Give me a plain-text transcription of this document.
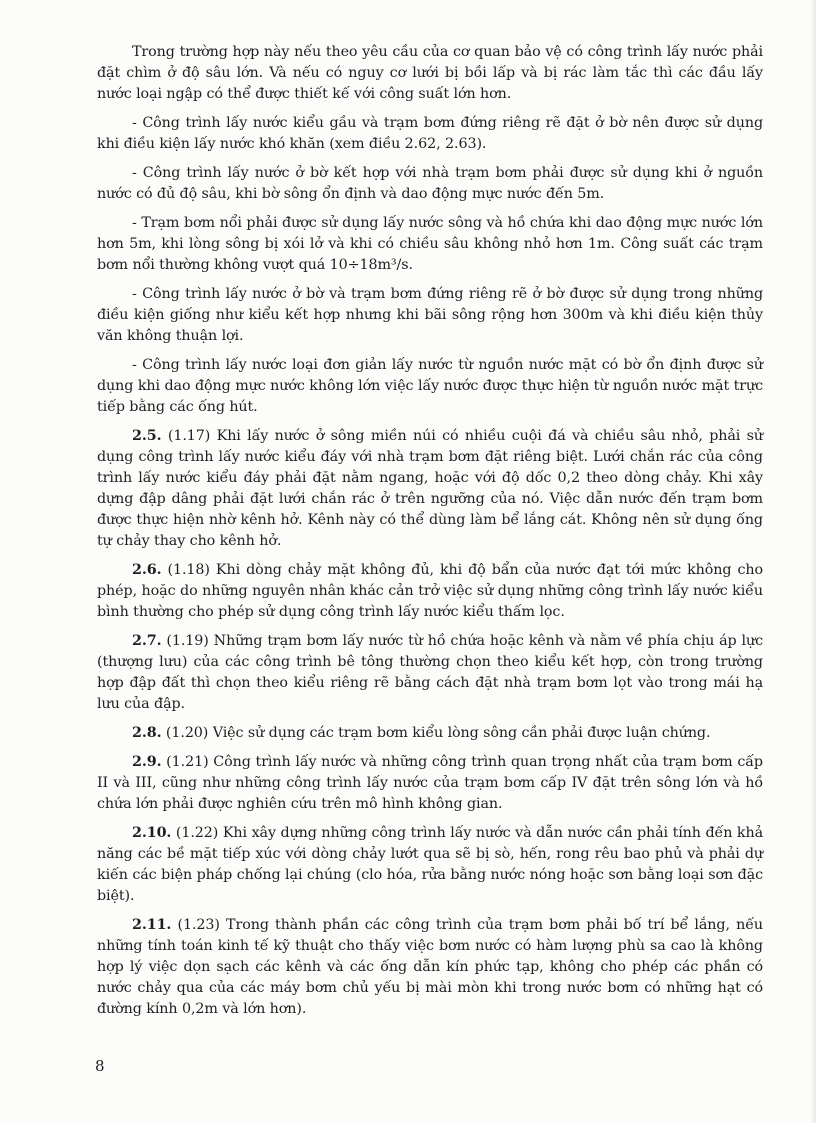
Trong trường hợp này nếu theo yêu cầu của cơ quan bảo vệ có công trình lấy nước phải đặt chìm ở độ sâu lớn. Và nếu có nguy cơ lưới bị bồi lấp và bị rác làm tắc thì các đầu lấy nước loại ngập có thể được thiết kế với công suất lớn hơn.

- Công trình lấy nước kiểu gầu và trạm bơm đứng riêng rẽ đặt ở bờ nên được sử dụng khi điều kiện lấy nước khó khăn (xem điều 2.62, 2.63).

- Công trình lấy nước ở bờ kết hợp với nhà trạm bơm phải được sử dụng khi ở nguồn nước có đủ độ sâu, khi bờ sông ổn định và dao động mực nước đến 5m.

- Trạm bơm nổi phải được sử dụng lấy nước sông và hồ chứa khi dao động mực nước lớn hơn 5m, khi lòng sông bị xói lở và khi có chiều sâu không nhỏ hơn 1m. Công suất các trạm bơm nổi thường không vượt quá 10÷18m³/s.

- Công trình lấy nước ở bờ và trạm bơm đứng riêng rẽ ở bờ được sử dụng trong những điều kiện giống như kiểu kết hợp nhưng khi bãi sông rộng hơn 300m và khi điều kiện thủy văn không thuận lợi.

- Công trình lấy nước loại đơn giản lấy nước từ nguồn nước mặt có bờ ổn định được sử dụng khi dao động mực nước không lớn việc lấy nước được thực hiện từ nguồn nước mặt trực tiếp bằng các ống hút.

2.5. (1.17) Khi lấy nước ở sông miền núi có nhiều cuội đá và chiều sâu nhỏ, phải sử dụng công trình lấy nước kiểu đáy với nhà trạm bơm đặt riêng biệt. Lưới chắn rác của công trình lấy nước kiểu đáy phải đặt nằm ngang, hoặc với độ dốc 0,2 theo dòng chảy. Khi xây dựng đập dâng phải đặt lưới chắn rác ở trên ngưỡng của nó. Việc dẫn nước đến trạm bơm được thực hiện nhờ kênh hở. Kênh này có thể dùng làm bể lắng cát. Không nên sử dụng ống tự chảy thay cho kênh hở.

2.6. (1.18) Khi dòng chảy mặt không đủ, khi độ bẩn của nước đạt tới mức không cho phép, hoặc do những nguyên nhân khác cản trở việc sử dụng những công trình lấy nước kiểu bình thường cho phép sử dụng công trình lấy nước kiểu thấm lọc.

2.7. (1.19) Những trạm bơm lấy nước từ hồ chứa hoặc kênh và nằm về phía chịu áp lực (thượng lưu) của các công trình bê tông thường chọn theo kiểu kết hợp, còn trong trường hợp đập đất thì chọn theo kiểu riêng rẽ bằng cách đặt nhà trạm bơm lọt vào trong mái hạ lưu của đập.

2.8. (1.20) Việc sử dụng các trạm bơm kiểu lòng sông cần phải được luận chứng.

2.9. (1.21) Công trình lấy nước và những công trình quan trọng nhất của trạm bơm cấp II và III, cũng như những công trình lấy nước của trạm bơm cấp IV đặt trên sông lớn và hồ chứa lớn phải được nghiên cứu trên mô hình không gian.

2.10. (1.22) Khi xây dựng những công trình lấy nước và dẫn nước cần phải tính đến khả năng các bề mặt tiếp xúc với dòng chảy lướt qua sẽ bị sò, hến, rong rêu bao phủ và phải dự kiến các biện pháp chống lại chúng (clo hóa, rửa bằng nước nóng hoặc sơn bằng loại sơn đặc biệt).

2.11. (1.23) Trong thành phần các công trình của trạm bơm phải bố trí bể lắng, nếu những tính toán kinh tế kỹ thuật cho thấy việc bơm nước có hàm lượng phù sa cao là không hợp lý việc dọn sạch các kênh và các ống dẫn kín phức tạp, không cho phép các phần có nước chảy qua của các máy bơm chủ yếu bị mài mòn khi trong nước bơm có những hạt có đường kính 0,2m và lớn hơn).

8
